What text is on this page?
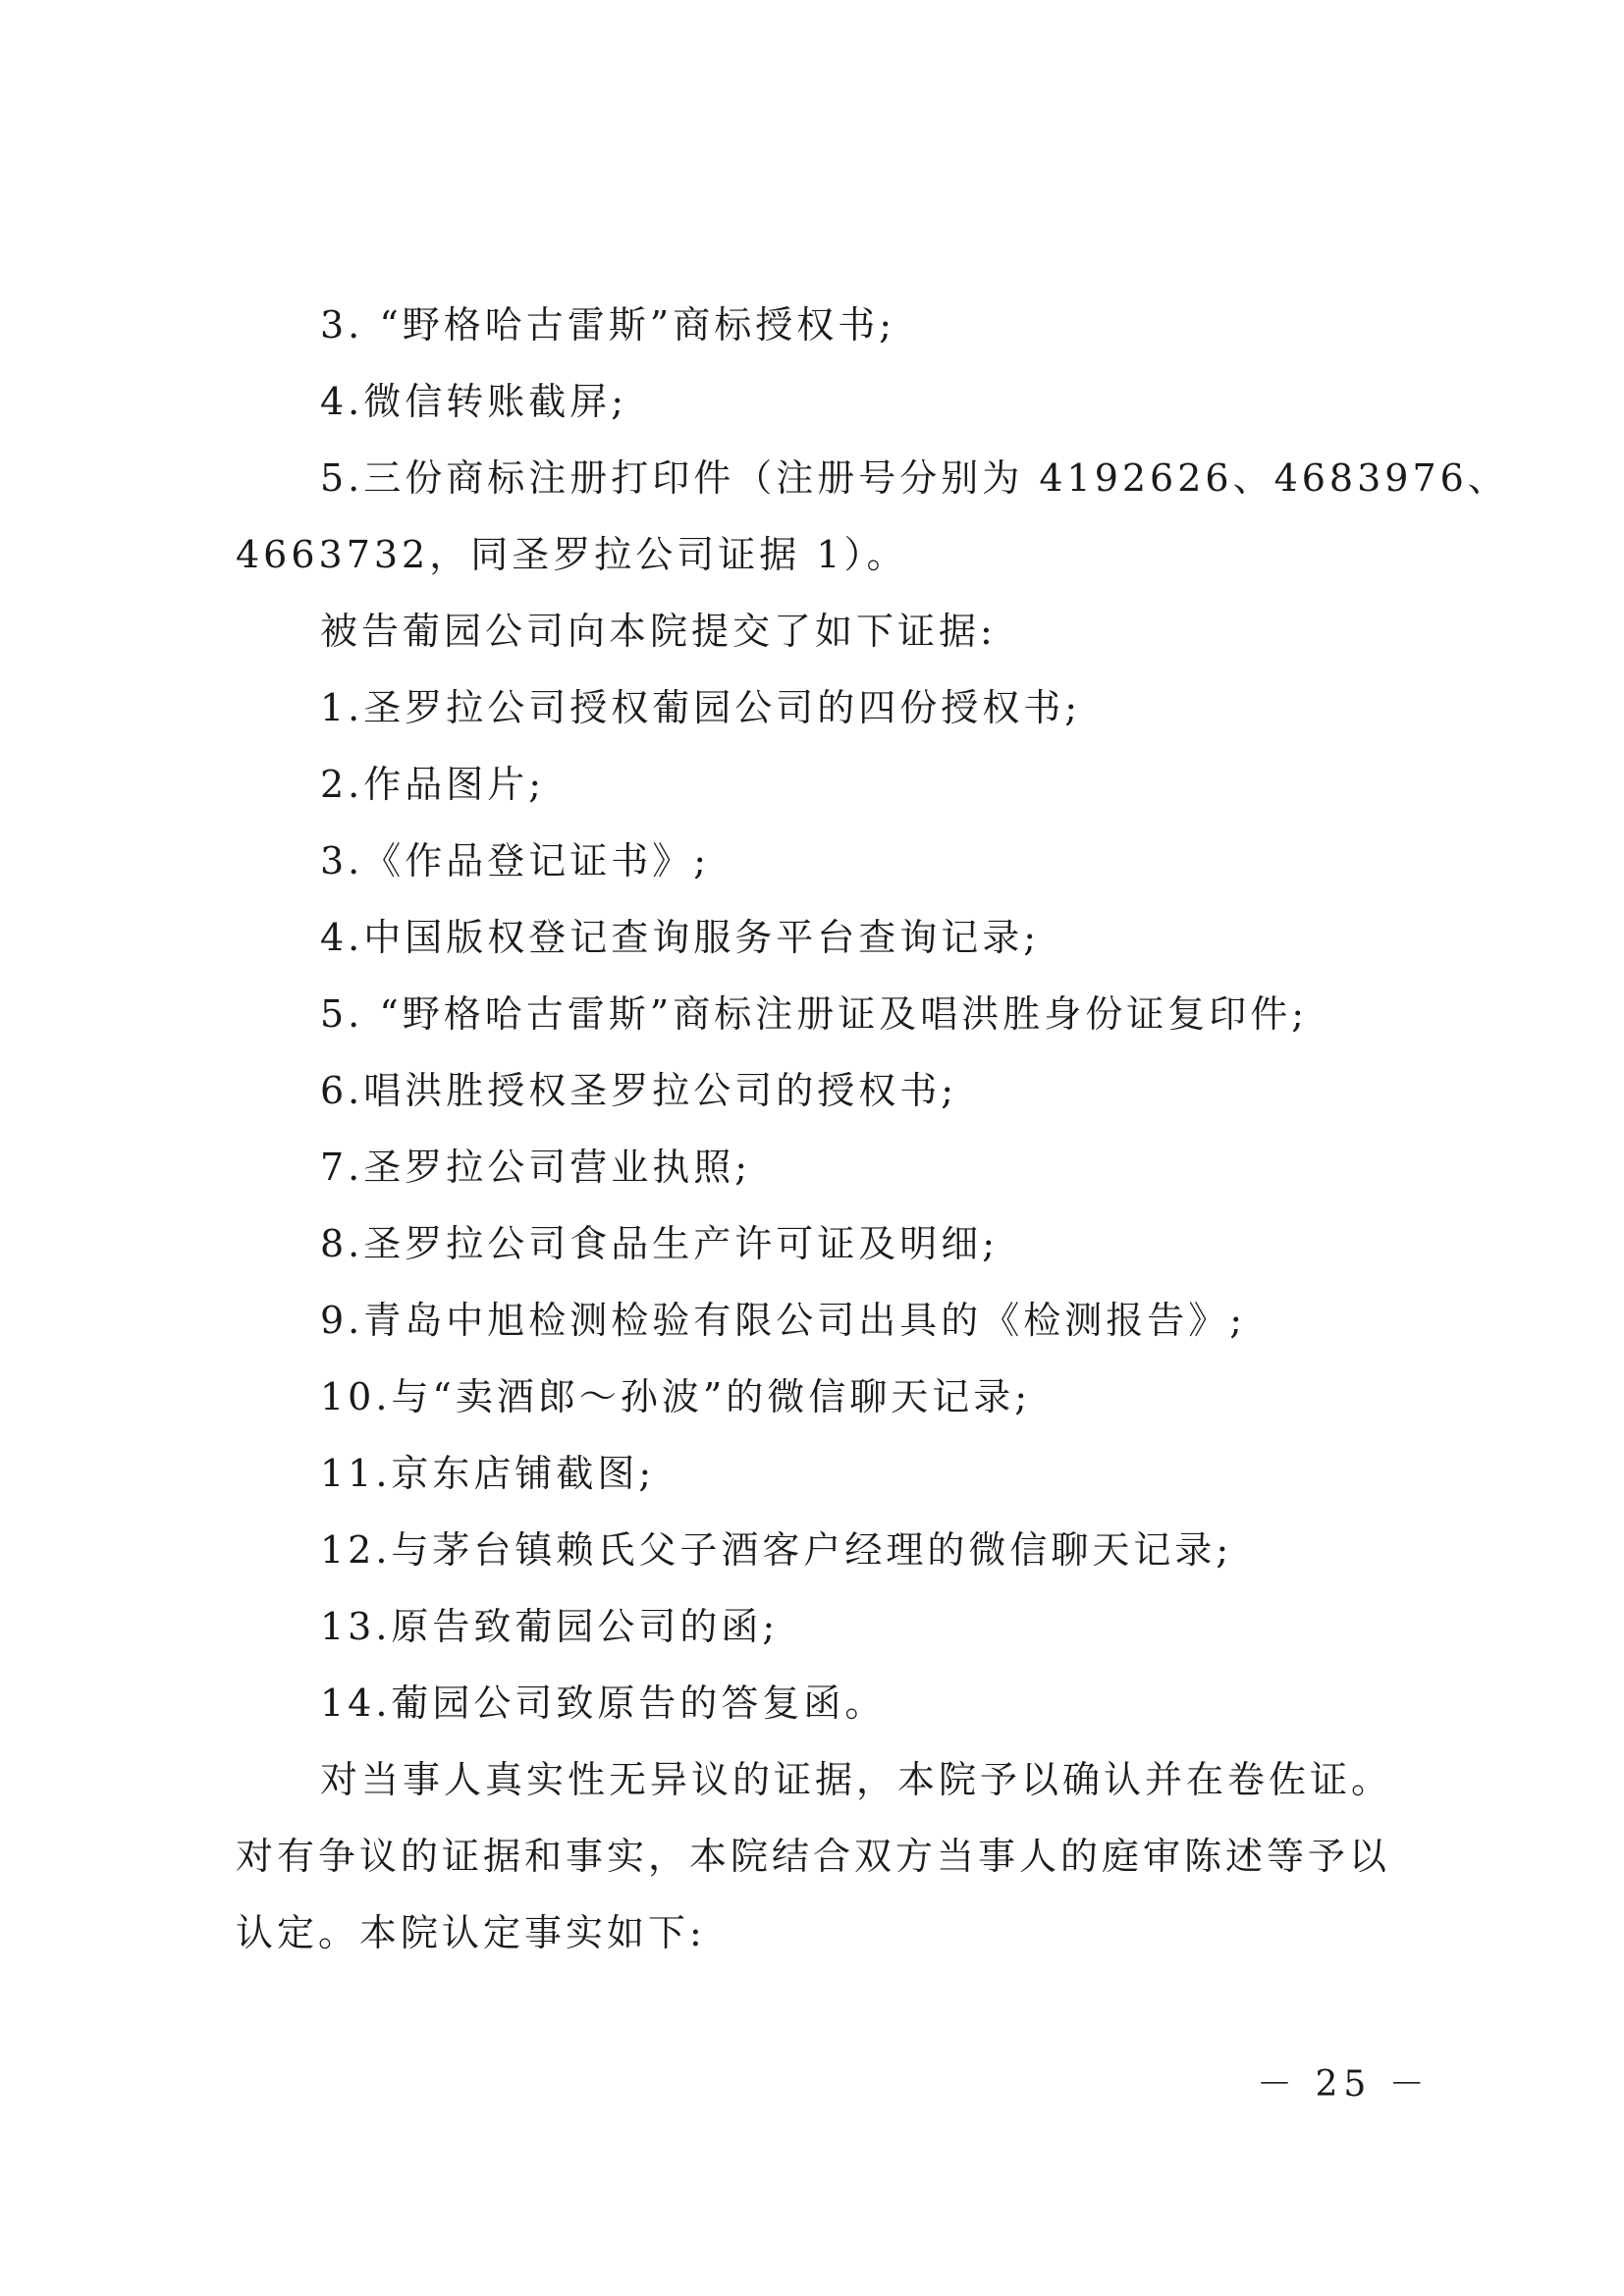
3. “野格哈古雷斯”商标授权书;

4.微信转账截屏;

5.三份商标注册打印件（注册号分别为 4192626、4683976、

4663732，同圣罗拉公司证据 1）。

被告葡园公司向本院提交了如下证据:

1.圣罗拉公司授权葡园公司的四份授权书;

2.作品图片;

3.《作品登记证书》;

4.中国版权登记查询服务平台查询记录;

5. “野格哈古雷斯”商标注册证及唱洪胜身份证复印件;

6.唱洪胜授权圣罗拉公司的授权书;

7.圣罗拉公司营业执照;

8.圣罗拉公司食品生产许可证及明细;

9.青岛中旭检测检验有限公司出具的《检测报告》;

10.与“卖酒郎～孙波”的微信聊天记录;

11.京东店铺截图;

12.与茅台镇赖氏父子酒客户经理的微信聊天记录;

13.原告致葡园公司的函;

14.葡园公司致原告的答复函。

对当事人真实性无异议的证据，本院予以确认并在卷佐证。

对有争议的证据和事实，本院结合双方当事人的庭审陈述等予以

认定。本院认定事实如下:

－ 25 －
